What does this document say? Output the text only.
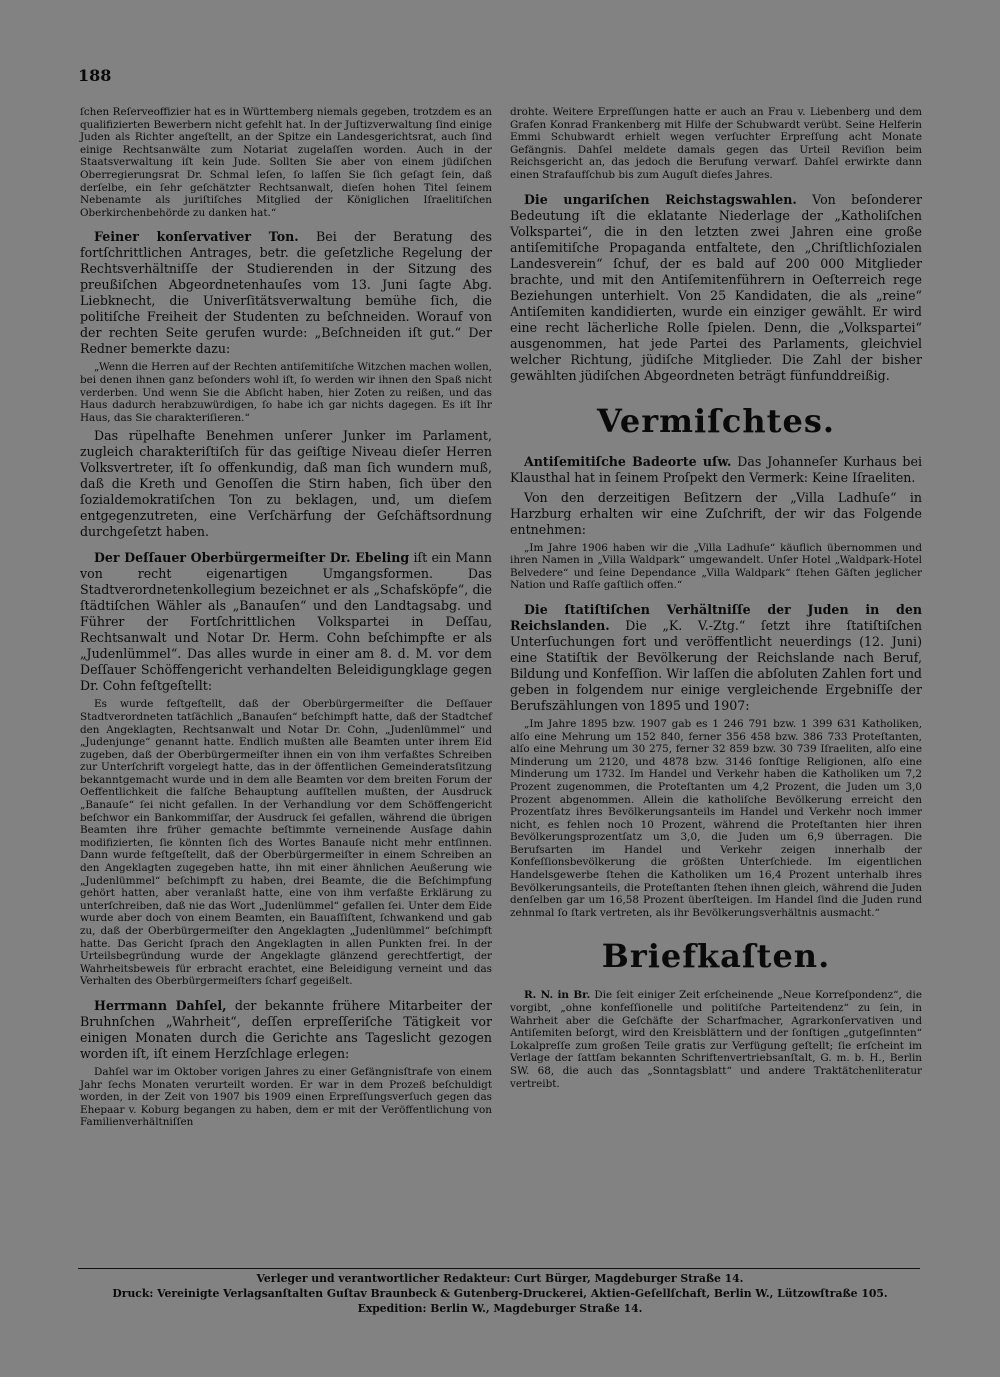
188

ſchen Reſerveoffizier hat es in Württemberg niemals gegeben, trotzdem es an qualifizierten Bewerbern nicht gefehlt hat. In der Juſtizverwaltung ſind einige Juden als Richter angeſtellt, an der Spitze ein Landesgerichtsrat, auch ſind einige Rechtsanwälte zum Notariat zugelaſſen worden. Auch in der Staatsverwaltung iſt kein Jude. Sollten Sie aber von einem jüdiſchen Oberregierungsrat Dr. Schmal leſen, ſo laſſen Sie ſich geſagt ſein, daß derſelbe, ein ſehr geſchätzter Rechtsanwalt, dieſen hohen Titel ſeinem Nebenamte als juriſtiſches Mitglied der Königlichen Iſraelitiſchen Oberkirchenbehörde zu danken hat.“

Feiner konſervativer Ton. Bei der Beratung des fortſchrittlichen Antrages, betr. die geſetzliche Regelung der Rechtsverhältniſſe der Studierenden in der Sitzung des preußiſchen Abgeordnetenhauſes vom 13. Juni ſagte Abg. Liebknecht, die Univerſitätsverwaltung bemühe ſich, die politiſche Freiheit der Studenten zu beſchneiden. Worauf von der rechten Seite gerufen wurde: „Beſchneiden iſt gut.“ Der Redner bemerkte dazu:

„Wenn die Herren auf der Rechten antiſemitiſche Witzchen machen wollen, bei denen ihnen ganz beſonders wohl iſt, ſo werden wir ihnen den Spaß nicht verderben. Und wenn Sie die Abſicht haben, hier Zoten zu reißen, und das Haus dadurch herabzuwürdigen, ſo habe ich gar nichts dagegen. Es iſt Ihr Haus, das Sie charakteriſieren.“

Das rüpelhafte Benehmen unſerer Junker im Parlament, zugleich charakteriſtiſch für das geiſtige Niveau dieſer Herren Volksvertreter, iſt ſo offenkundig, daß man ſich wundern muß, daß die Kreth und Genoſſen die Stirn haben, ſich über den ſozialdemokratiſchen Ton zu beklagen, und, um dieſem entgegenzutreten, eine Verſchärfung der Geſchäftsordnung durchgeſetzt haben.

Der Deſſauer Oberbürgermeiſter Dr. Ebeling iſt ein Mann von recht eigenartigen Umgangsformen. Das Stadtverordnetenkollegium bezeichnet er als „Schafsköpfe“, die ſtädtiſchen Wähler als „Banauſen“ und den Landtagsabg. und Führer der Fortſchrittlichen Volkspartei in Deſſau, Rechtsanwalt und Notar Dr. Herm. Cohn beſchimpfte er als „Judenlümmel“. Das alles wurde in einer am 8. d. M. vor dem Deſſauer Schöffengericht verhandelten Beleidigungklage gegen Dr. Cohn feſtgeſtellt:

Es wurde feſtgeſtellt, daß der Oberbürgermeiſter die Deſſauer Stadtverordneten tatſächlich „Banauſen“ beſchimpft hatte, daß der Stadtchef den Angeklagten, Rechtsanwalt und Notar Dr. Cohn, „Judenlümmel“ und „Judenjunge“ genannt hatte. Endlich mußten alle Beamten unter ihrem Eid zugeben, daß der Oberbürgermeiſter ihnen ein von ihm verfaßtes Schreiben zur Unterſchrift vorgelegt hatte, das in der öffentlichen Gemeinderatsſitzung bekanntgemacht wurde und in dem alle Beamten vor dem breiten Forum der Oeffentlichkeit die falſche Behauptung aufſtellen mußten, der Ausdruck „Banauſe“ ſei nicht gefallen. In der Verhandlung vor dem Schöffengericht beſchwor ein Bankommiſſar, der Ausdruck ſei gefallen, während die übrigen Beamten ihre früher gemachte beſtimmte verneinende Ausſage dahin modifizierten, ſie könnten ſich des Wortes Banauſe nicht mehr entſinnen. Dann wurde feſtgeſtellt, daß der Oberbürgermeiſter in einem Schreiben an den Angeklagten zugegeben hatte, ihn mit einer ähnlichen Aeußerung wie „Judenlümmel“ beſchimpft zu haben, drei Beamte, die die Beſchimpfung gehört hatten, aber veranlaßt hatte, eine von ihm verfaßte Erklärung zu unterſchreiben, daß nie das Wort „Judenlümmel“ gefallen ſei. Unter dem Eide wurde aber doch von einem Beamten, ein Bauaſſiſtent, ſchwankend und gab zu, daß der Oberbürgermeiſter den Angeklagten „Judenlümmel“ beſchimpft hatte. Das Gericht ſprach den Angeklagten in allen Punkten frei. In der Urteilsbegründung wurde der Angeklagte glänzend gerechtfertigt, der Wahrheitsbeweis für erbracht erachtet, eine Beleidigung verneint und das Verhalten des Oberbürgermeiſters ſcharf gegeißelt.

Herrmann Dahſel, der bekannte frühere Mitarbeiter der Bruhnſchen „Wahrheit“, deſſen erpreſſeriſche Tätigkeit vor einigen Monaten durch die Gerichte ans Tageslicht gezogen worden iſt, iſt einem Herzſchlage erlegen:

Dahſel war im Oktober vorigen Jahres zu einer Gefängnisſtrafe von einem Jahr ſechs Monaten verurteilt worden. Er war in dem Prozeß beſchuldigt worden, in der Zeit von 1907 bis 1909 einen Erpreſſungsverſuch gegen das Ehepaar v. Koburg begangen zu haben, dem er mit der Veröffentlichung von Familienverhältniſſen

drohte. Weitere Erpreſſungen hatte er auch an Frau v. Liebenberg und dem Grafen Konrad Frankenberg mit Hilfe der Schubwardt verübt. Seine Helferin Emmi Schubwardt erhielt wegen verſuchter Erpreſſung acht Monate Gefängnis. Dahſel meldete damals gegen das Urteil Reviſion beim Reichsgericht an, das jedoch die Berufung verwarf. Dahſel erwirkte dann einen Strafaufſchub bis zum Auguſt dieſes Jahres.

Die ungariſchen Reichstagswahlen. Von beſonderer Bedeutung iſt die eklatante Niederlage der „Katholiſchen Volkspartei“, die in den letzten zwei Jahren eine große antiſemitiſche Propaganda entfaltete, den „Chriſtlichſozialen Landesverein“ ſchuf, der es bald auf 200 000 Mitglieder brachte, und mit den Antiſemitenführern in Oeſterreich rege Beziehungen unterhielt. Von 25 Kandidaten, die als „reine“ Antiſemiten kandidierten, wurde ein einziger gewählt. Er wird eine recht lächerliche Rolle ſpielen. Denn, die „Volkspartei“ ausgenommen, hat jede Partei des Parlaments, gleichviel welcher Richtung, jüdiſche Mitglieder. Die Zahl der bisher gewählten jüdiſchen Abgeordneten beträgt fünfunddreißig.

Vermiſchtes.

Antiſemitiſche Badeorte uſw. Das Johanneſer Kurhaus bei Klausthal hat in ſeinem Proſpekt den Vermerk: Keine Iſraeliten.

Von den derzeitigen Beſitzern der „Villa Ladhuſe“ in Harzburg erhalten wir eine Zuſchrift, der wir das Folgende entnehmen:

„Im Jahre 1906 haben wir die „Villa Ladhuſe“ käuflich übernommen und ihren Namen in „Villa Waldpark“ umgewandelt. Unſer Hotel „Waldpark-Hotel Belvedere“ und ſeine Dependance „Villa Waldpark“ ſtehen Gäſten jeglicher Nation und Raſſe gaſtlich offen.“

Die ſtatiſtiſchen Verhältniſſe der Juden in den Reichslanden. Die „K. V.-Ztg.“ ſetzt ihre ſtatiſtiſchen Unterſuchungen fort und veröffentlicht neuerdings (12. Juni) eine Statiſtik der Bevölkerung der Reichslande nach Beruf, Bildung und Konfeſſion. Wir laſſen die abſoluten Zahlen fort und geben in folgendem nur einige vergleichende Ergebniſſe der Berufszählungen von 1895 und 1907:

„Im Jahre 1895 bzw. 1907 gab es 1 246 791 bzw. 1 399 631 Katholiken, alſo eine Mehrung um 152 840, ferner 356 458 bzw. 386 733 Proteſtanten, alſo eine Mehrung um 30 275, ferner 32 859 bzw. 30 739 Iſraeliten, alſo eine Minderung um 2120, und 4878 bzw. 3146 ſonſtige Religionen, alſo eine Minderung um 1732. Im Handel und Verkehr haben die Katholiken um 7,2 Prozent zugenommen, die Proteſtanten um 4,2 Prozent, die Juden um 3,0 Prozent abgenommen. Allein die katholiſche Bevölkerung erreicht den Prozentſatz ihres Bevölkerungsanteils im Handel und Verkehr noch immer nicht, es fehlen noch 10 Prozent, während die Proteſtanten hier ihren Bevölkerungsprozentſatz um 3,0, die Juden um 6,9 überragen. Die Berufsarten im Handel und Verkehr zeigen innerhalb der Konfeſſionsbevölkerung die größten Unterſchiede. Im eigentlichen Handelsgewerbe ſtehen die Katholiken um 16,4 Prozent unterhalb ihres Bevölkerungsanteils, die Proteſtanten ſtehen ihnen gleich, während die Juden denſelben gar um 16,58 Prozent überſteigen. Im Handel ſind die Juden rund zehnmal ſo ſtark vertreten, als ihr Bevölkerungsverhältnis ausmacht.“

Briefkaſten.

R. N. in Br. Die ſeit einiger Zeit erſcheinende „Neue Korreſpondenz“, die vorgibt, „ohne konfeſſionelle und politiſche Parteitendenz“ zu ſein, in Wahrheit aber die Geſchäfte der Scharfmacher, Agrarkonſervativen und Antiſemiten beſorgt, wird den Kreisblättern und der ſonſtigen „gutgeſinnten“ Lokalpreſſe zum großen Teile gratis zur Verfügung geſtellt; ſie erſcheint im Verlage der ſattſam bekannten Schriftenvertriebsanſtalt, G. m. b. H., Berlin SW. 68, die auch das „Sonntagsblatt“ und andere Traktätchenliteratur vertreibt.

Verleger und verantwortlicher Redakteur: Curt Bürger, Magdeburger Straße 14.
Druck: Vereinigte Verlagsanſtalten Guſtav Braunbeck & Gutenberg-Druckerei, Aktien-Geſellſchaft, Berlin W., Lützowſtraße 105.
Expedition: Berlin W., Magdeburger Straße 14.
